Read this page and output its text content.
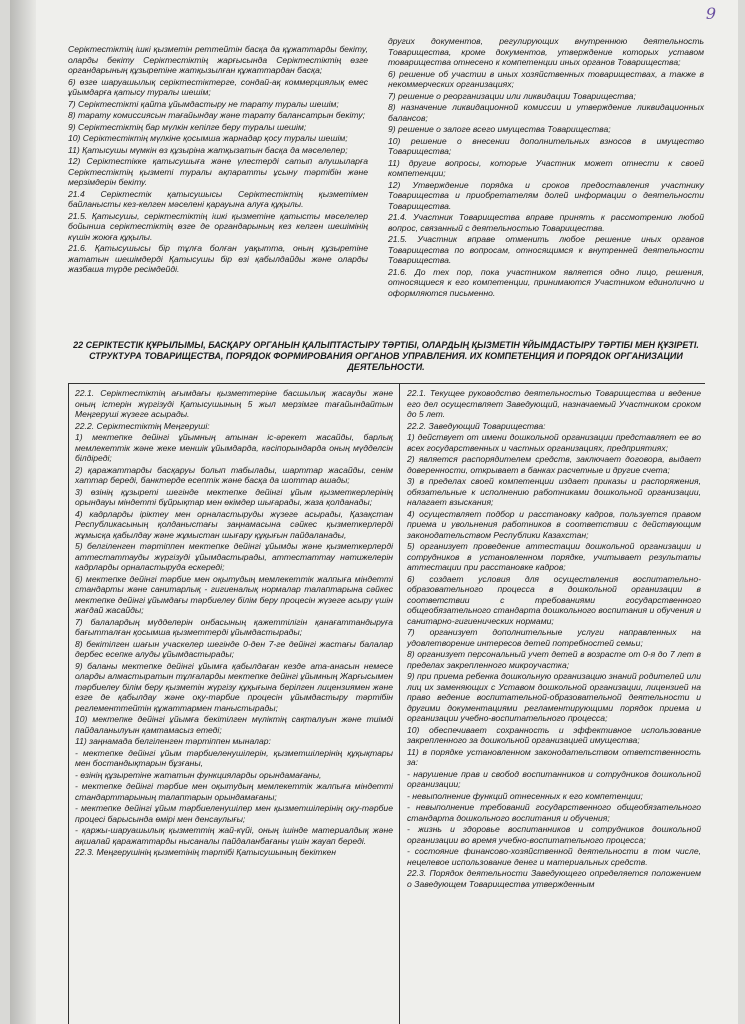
9

Серіктестіктің ішкі қызметін реттейтін басқа да құжаттарды бекіту, оларды бекіту Серіктестіктің жарғысында Серіктестіктің өзге органдарының құзыретіне жатқызылған құжаттардан басқа;

6) өзге шаруашылық серіктестіктерге, сондай-ақ коммерциялық емес ұйымдарға қатысу туралы шешім;

7) Серіктестікті қайта ұйымдастыру не тарату туралы шешім;

8) тарату комиссиясын тағайындау және тарату балансатрын бекіту;

9) Серіктестіктің бар мүлкін кепілге беру туралы шешім;

10) Серіктестіктің мүлкіне қосымша жарнадар қосу туралы шешім;

11) Қатысушы мүмкін өз құзыріна жатқызатын басқа да мәселелер;

12) Серіктестікке қатысушыға және үлестерді сатып алушыларға Серіктестіктің қызметі туралы ақпаратты ұсыну тәртібін және мерзімдерін бекіту.

21.4 Серіктестік қатысушысы Серіктестіктің қызметімен байланысты кез-келген мәселені қарауына алуға құқылы.

21.5. Қатысушы, серіктестіктің ішкі қызметіне қатысты мәселелер бойынша серіктестіктің өзге де органдарының кез келген шешімінің күшін жоюға құқылы.

21.6. Қатысушысы бір тұлға болған уақытта, оның құзыретіне жататын шешімдерді Қатысушы бір өзі қабылдайды және оларды жазбаша түрде ресімдейді.

других документов, регулирующих внутреннюю деятельность Товарищества, кроме документов, утверждение которых уставом товарищества отнесено к компетенции иных органов Товарищества;

6) решение об участии в иных хозяйственных товариществах, а также в некоммерческих организациях;

7) решение о реорганизации или ликвидации Товарищества;

8) назначение ликвидационной комиссии и утверждение ликвидационных балансов;

9) решение о залоге всего имущества Товарищества;

10) решение о внесении дополнительных взносов в имущество Товарищества;

11) другие вопросы, которые Участник может отнести к своей компетенции;

12) Утверждение порядка и сроков предоставления участнику Товарищества и приобретателям долей информации о деятельности Товарищества.

21.4. Участник Товарищества вправе принять к рассмотрению любой вопрос, связанный с деятельностью Товарищества.

21.5. Участник вправе отменить любое решение иных органов Товарищества по вопросам, относящимся к внутренней деятельности Товарищества.

21.6. До тех пор, пока участником является одно лицо, решения, относящиеся к его компетенции, принимаются Участником единолично и оформляются письменно.

22 СЕРІКТЕСТІК ҚҰРЫЛЫМЫ, БАСҚАРУ ОРГАНЫН ҚАЛЫПТАСТЫРУ ТӘРТІБІ, ОЛАРДЫҢ ҚЫЗМЕТІН ҰЙЫМДАСТЫРУ ТӘРТІБІ МЕН ҚҰЗІРЕТІ.

СТРУКТУРА ТОВАРИЩЕСТВА, ПОРЯДОК ФОРМИРОВАНИЯ ОРГАНОВ УПРАВЛЕНИЯ. ИХ КОМПЕТЕНЦИЯ И ПОРЯДОК ОРГАНИЗАЦИИ ДЕЯТЕЛЬНОСТИ.

22.1. Серіктестіктің ағымдағы қызметтеріне басшылық жасауды және оның істерін жүргізуді Қатысушының 5 жыл мерзімге тағайындайтын Меңгеруші жүзеге асырады.

22.2. Серіктестіктің Меңгеруші:

1) мектепке дейінгі ұйымның атынан іс-әрекет жасайды, барлық мемлекеттік және жеке меншік ұйымдарда, кәсіпорындарда оның мүдделсін білдіреді;

2) қаражаттарды басқаруы болып табылады, шарттар жасайды, сенім хаттар береді, банктерде есептік және басқа да шоттар ашады;

3) өзінің құзыреті шегінде мектепке дейінгі ұйым қызметкерлерінің орындауы міндетті бұйрықтар мен өкімдер шығарады, жаза қолданады;

4) кадрларды іріктеу мен орналастыруды жүзеге асырады, Қазақстан Республикасының қолданыстағы заңнамасына сәйкес қызметкерлерді жұмысқа қабылдау және жұмыстан шығару құқығын пайдаланады,

5) белгіленген тәртіппен мектепке дейінгі ұйымды және қызметкерлерді аттестаттауды жүргізуді ұйымдастырады, аттестаттау нәтижелерін кадрларды орналастыруда ескереді;

6) мектепке дейінгі тәрбие мен оқытудың мемлекеттік жалпыға міндетті стандарты және санитарлық - гигиеналық нормалар талаптарына сәйкес мектепке дейінгі ұйымдағы тәрбиелеу білім беру процесін жүзеге асыру үшін жағдай жасайды;

7) балалардың мүдделерін онбасының қажеттілігін қанағаттандыруға бағытталған қосымша қызметтерді ұйымдастырады;

8) бекітілген шағын учаскелер шегінде 0-ден 7-ге дейінгі жастағы балалар дербес есепке алуды ұйымдастырады;

9) баланы мектепке дейінгі ұйымға қабылдаған кезде ата-анасын немесе оларды алмастыратын тұлғаларды мектепке дейінгі ұйымның Жарғысымен тәрбиелеу білім беру қызметін жүргізу құқығына берілген лицензиямен және езге де қабылдау және оқу-тәрбие процесін ұйымдастыру тәртібін реглементтейтін құжаттармен таныстырады;

10) мектепке дейінгі ұйымға бекітілген мүліктің сақталуын және тиімді пайдаланылуын қамтамасыз етеді;

11) заңнамада белгіленген тәртіппен мыналар:

- мектепке дейінгі ұйым тәрбиеленушілерін, қызметшілерінің құқықтары мен бостандықтарын бұзғаны,

- өзінің құзыретіне жататын функцияларды орындамағаны,

- мектепке дейінгі тәрбие мен оқытудың мемлекеттік жалпыға міндетті стандарттарының талаптарын орындамағаны;

- мектепке дейінгі ұйым тәрбиеленушілер мен қызметшілерінің оқу-тәрбие процесі барысында өмірі мен денсаулығы;

- қаржы-шаруашылық қызметтің жай-күйі, оның ішінде материалдық және ақшалай қаражаттарды нысаналы пайдаланбағаны үшін жауап береді.

22.3. Меңгерушінің қызметінің тәртібі Қатысушының бекіткен

22.1. Текущее руководство деятельностью Товарищества и ведение его дел осуществляет Заведующий, назначаемый Участником сроком до 5 лет.

22.2. Заведующий Товарищества:

1) действует от имени дошкольной организации представляет ее во всех государственных и частных организациях, предприятиях;

2) является распорядителем средств, заключает договора, выдает доверенности, открывает в банках расчетные и другие счета;

3) в пределах своей компетенции издает приказы и распоряжения, обязательные к исполнению работниками дошкольной организации, налагает взыскания;

4) осуществляет подбор и расстановку кадров, пользуется правом приема и увольнения работников в соответствии с действующим законодательством Республики Казахстан;

5) организует проведение аттестации дошкольной организации и сотрудников в установленном порядке, учитывает результаты аттестации при расстановке кадров;

6) создает условия для осуществления воспитательно-образовательного процесса в дошкольной организации в соответствии с требованиями государственного общеобязательного стандарта дошкольного воспитания и обучения и санитарно-гигиенических нормами;

7) организует дополнительные услуги направленных на удовлетворение интересов детей потребностей семьи;

8) организует персональный учет детей в возрасте от 0-я до 7 лет в пределах закрепленного микроучастка;

9) при приема ребенка дошкольную организацию знаний родителей или лиц их заменяющих с Уставом дошкольной организации, лицензией на право ведение воспитательной-образовательной деятельности и другими документациями регламентирующими порядок приема и организации учебно-воспитательного процесса;

10) обеспечивает сохранность и эффективное использование закрепленного за дошкольной организацией имущества;

11) в порядке установленном законодательством ответственность за:

- нарушение прав и свобод воспитанников и сотрудников дошкольной организации;

- невыполнение функций отнесенных к его компетенции;

- невыполнение требований государственного общеобязательного стандарта дошкольного воспитания и обучения;

- жизнь и здоровье воспитанников и сотрудников дошкольной организации во время учебно-воспитательного процесса;

- состояние финансово-хозяйственной деятельности в том числе, нецелевое использование денег и материальных средств.

22.3. Порядок деятельности Заведующего определяется положением о Заведующем Товарищества утвержденным
